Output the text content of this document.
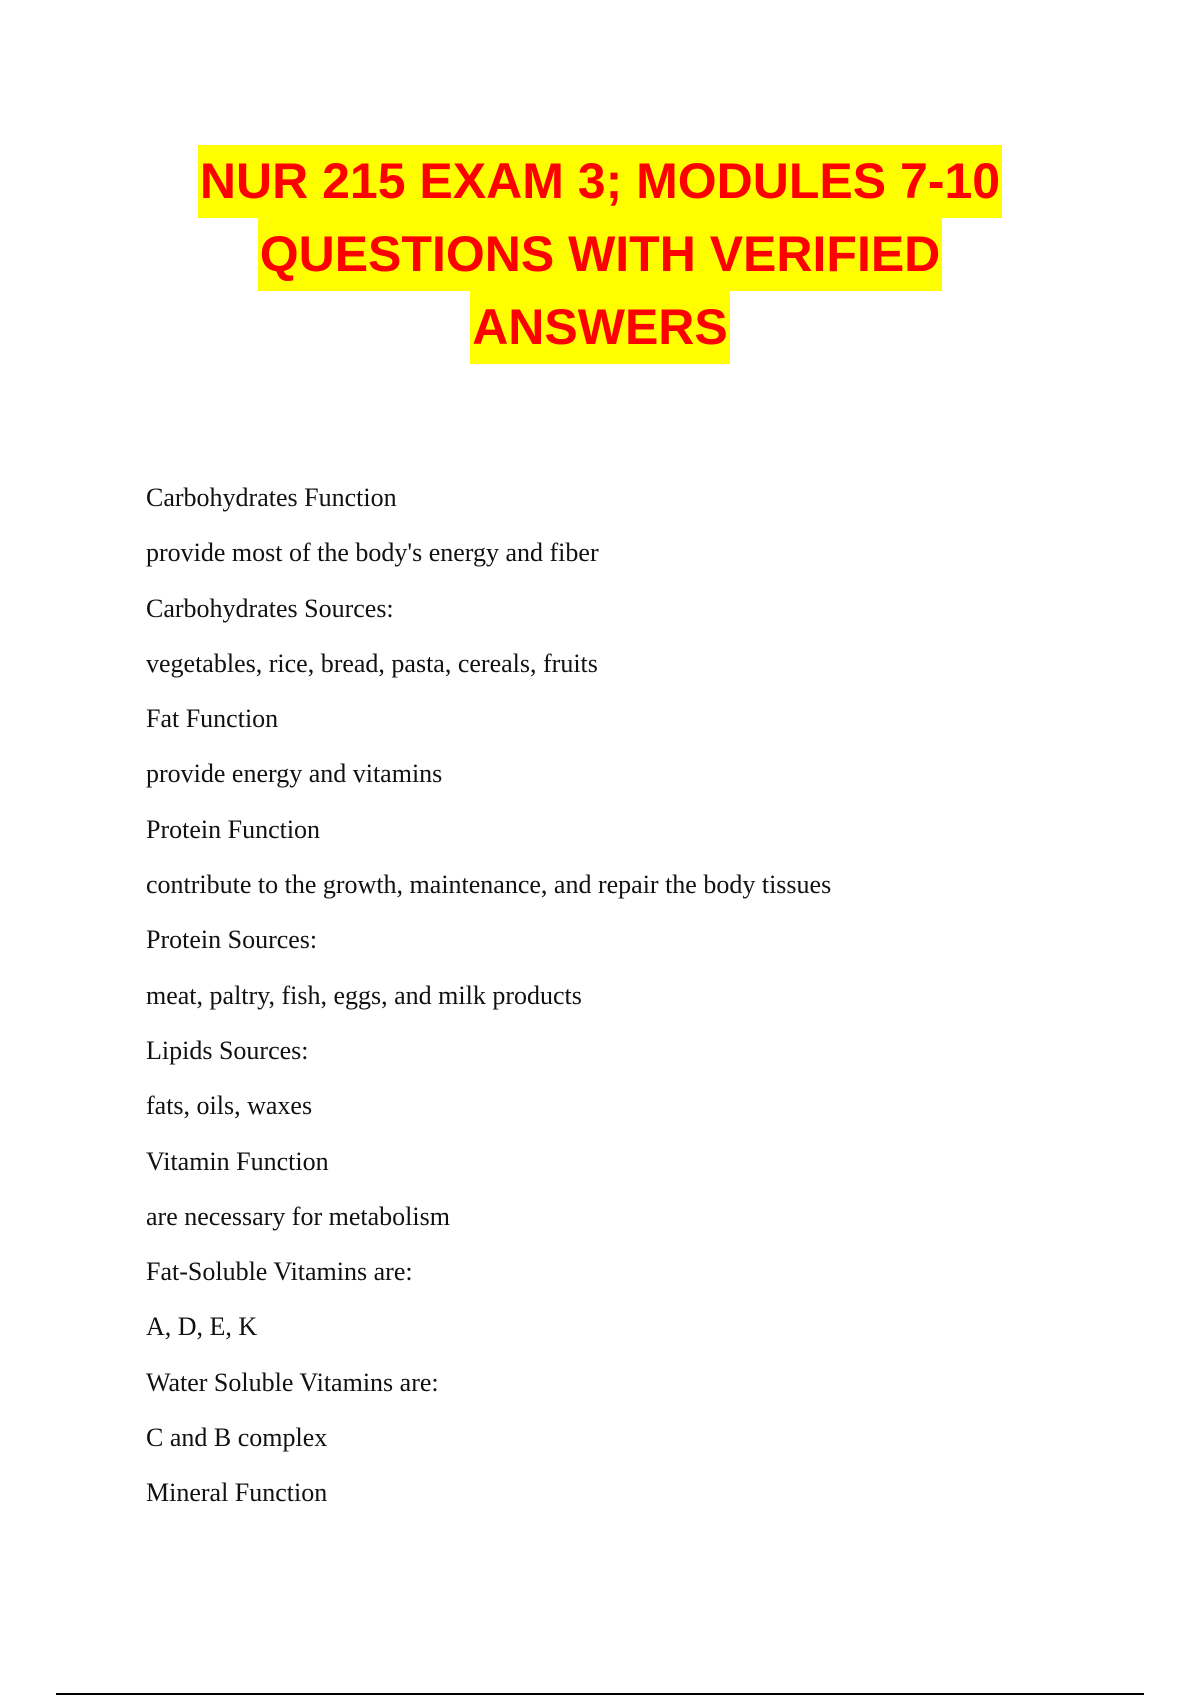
NUR 215 EXAM 3; MODULES 7-10
QUESTIONS WITH VERIFIED
ANSWERS
Carbohydrates Function
provide most of the body's energy and fiber
Carbohydrates Sources:
vegetables, rice, bread, pasta, cereals, fruits
Fat Function
provide energy and vitamins
Protein Function
contribute to the growth, maintenance, and repair the body tissues
Protein Sources:
meat, paltry, fish, eggs, and milk products
Lipids Sources:
fats, oils, waxes
Vitamin Function
are necessary for metabolism
Fat-Soluble Vitamins are:
A, D, E, K
Water Soluble Vitamins are:
C and B complex
Mineral Function
